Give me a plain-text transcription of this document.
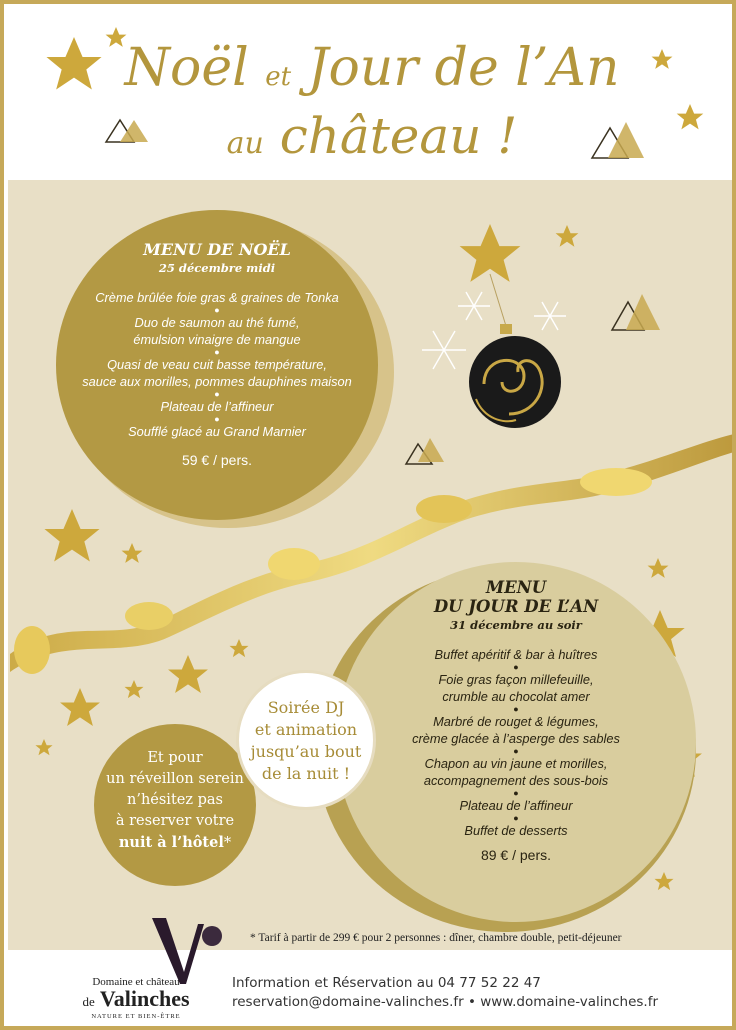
Noël et Jour de l’An
au château !
MENU DE NOËL
25 décembre midi
Crème brûlée foie gras & graines de Tonka
●
Duo de saumon au thé fumé,
émulsion vinaigre de mangue
●
Quasi de veau cuit basse température,
sauce aux morilles, pommes dauphines maison
●
Plateau de l’affineur
●
Soufflé glacé au Grand Marnier
59 € / pers.
MENU
DU JOUR DE L’AN
31 décembre au soir
Buffet apéritif & bar à huîtres
●
Foie gras façon millefeuille,
crumble au chocolat amer
●
Marbré de rouget & légumes,
crème glacée à l’asperge des sables
●
Chapon au vin jaune et morilles,
accompagnement des sous-bois
●
Plateau de l’affineur
●
Buffet de desserts
89 € / pers.
Et pour
un réveillon serein
n’hésitez pas
à reserver votre
nuit à l’hôtel*
Soirée DJ
et animation
jusqu’au bout
de la nuit !
* Tarif à partir de 299 € pour 2 personnes : dîner, chambre double, petit-déjeuner
Domaine et château
de Valinches
NATURE ET BIEN-ÊTRE
Information et Réservation au 04 77 52 22 47
reservation@domaine-valinches.fr • www.domaine-valinches.fr
